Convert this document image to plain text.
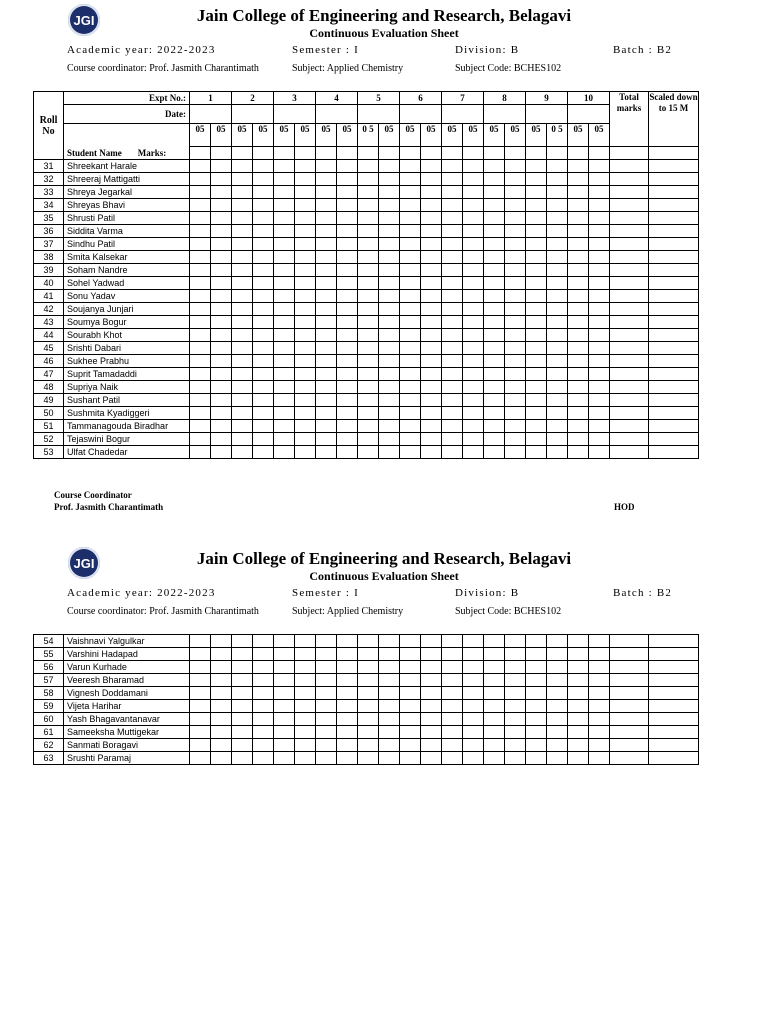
JGI	Jain College of Engineering and Research, Belagavi
Continuous Evaluation Sheet
Academic year: 2022-2023	Semester : I	Division: B	Batch : B2
Course coordinator: Prof. Jasmith Charantimath	Subject: Applied Chemistry	Subject Code: BCHES102
Roll No	Expt No.:	1		2		3		4		5		6		7		8		9		10		Total marks	Scaled down to 15 M
	Date:																						
	Student Name Marks:	05	05	05	05	05	05	05	05	0 5	05	05	05	05	05	05	05	05	0 5	05	05		

31	Shreekant Harale																						
32	Shreeraj Mattigatti																						
33	Shreya Jegarkal																						
34	Shreyas Bhavi																						
35	Shrusti Patil																						
36	Siddita Varma																						
37	Sindhu Patil																						
38	Smita Kalsekar																						
39	Soham Nandre																						
40	Sohel Yadwad																						
41	Sonu Yadav																						
42	Soujanya Junjari																						
43	Soumya Bogur																						
44	Sourabh Khot																						
45	Srishti Dabari																						
46	Sukhee Prabhu																						
47	Suprit Tamadaddi																						
48	Supriya Naik																						
49	Sushant Patil																						
50	Sushmita Kyadiggeri																						
51	Tammanagouda Biradhar																						
52	Tejaswini Bogur																						
53	Ulfat Chadedar																						
Course Coordinator
Prof. Jasmith Charantimath	HOD
JGI	Jain College of Engineering and Research, Belagavi
Continuous Evaluation Sheet
Academic year: 2022-2023	Semester : I	Division: B	Batch : B2
Course coordinator: Prof. Jasmith Charantimath	Subject: Applied Chemistry	Subject Code: BCHES102
54	Vaishnavi Yalgulkar																						
55	Varshini Hadapad																						
56	Varun Kurhade																						
57	Veeresh Bharamad																						
58	Vignesh Doddamani																						
59	Vijeta Harihar																						
60	Yash Bhagavantanavar																						
61	Sameeksha Muttigekar																						
62	Sanmati Boragavi																						
63	Srushti Paramaj																						
